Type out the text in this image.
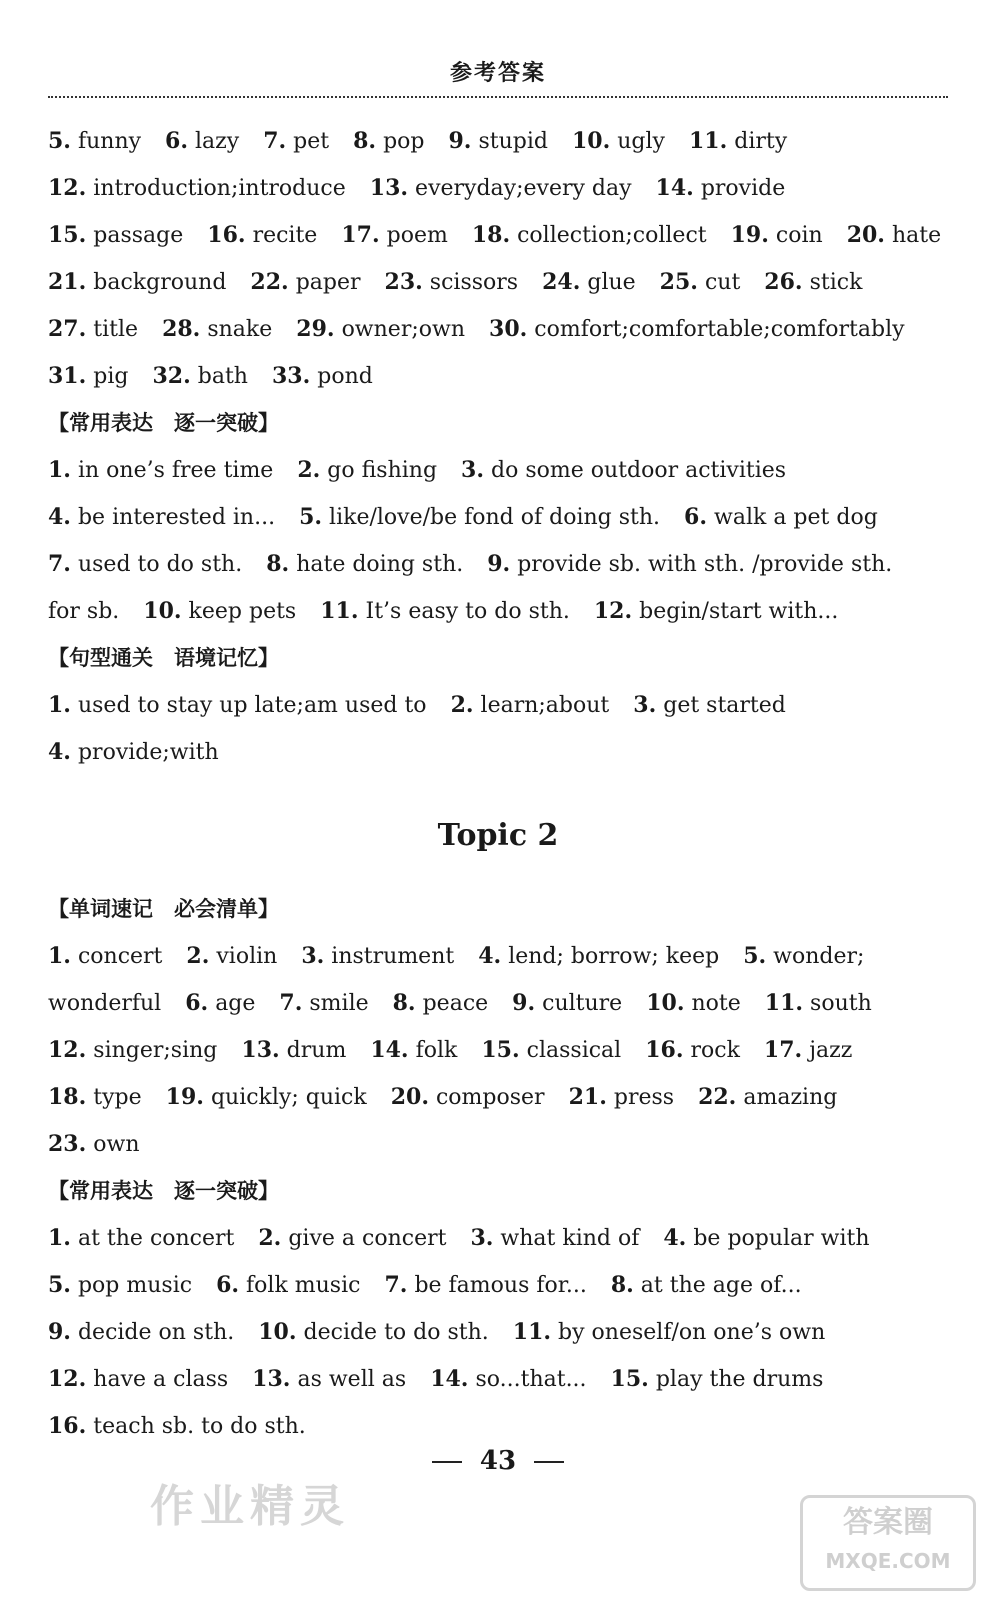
参考答案
5. funny 6. lazy 7. pet 8. pop 9. stupid 10. ugly 11. dirty
12. introduction;introduce 13. everyday;every day 14. provide
15. passage 16. recite 17. poem 18. collection;collect 19. coin 20. hate
21. background 22. paper 23. scissors 24. glue 25. cut 26. stick
27. title 28. snake 29. owner;own 30. comfort;comfortable;comfortably
31. pig 32. bath 33. pond
【常用表达　逐一突破】
1. in one’s free time 2. go fishing 3. do some outdoor activities
4. be interested in... 5. like/love/be fond of doing sth. 6. walk a pet dog
7. used to do sth. 8. hate doing sth. 9. provide sb. with sth. /provide sth.
for sb. 10. keep pets 11. It’s easy to do sth. 12. begin/start with...
【句型通关　语境记忆】
1. used to stay up late;am used to 2. learn;about 3. get started
4. provide;with
Topic 2
【单词速记　必会清单】
1. concert 2. violin 3. instrument 4. lend; borrow; keep 5. wonder;
wonderful 6. age 7. smile 8. peace 9. culture 10. note 11. south
12. singer;sing 13. drum 14. folk 15. classical 16. rock 17. jazz
18. type 19. quickly; quick 20. composer 21. press 22. amazing
23. own
【常用表达　逐一突破】
1. at the concert 2. give a concert 3. what kind of 4. be popular with
5. pop music 6. folk music 7. be famous for... 8. at the age of...
9. decide on sth. 10. decide to do sth. 11. by oneself/on one’s own
12. have a class 13. as well as 14. so...that... 15. play the drums
16. teach sb. to do sth.
43
作业精灵	答案圈
MXQE.COM
